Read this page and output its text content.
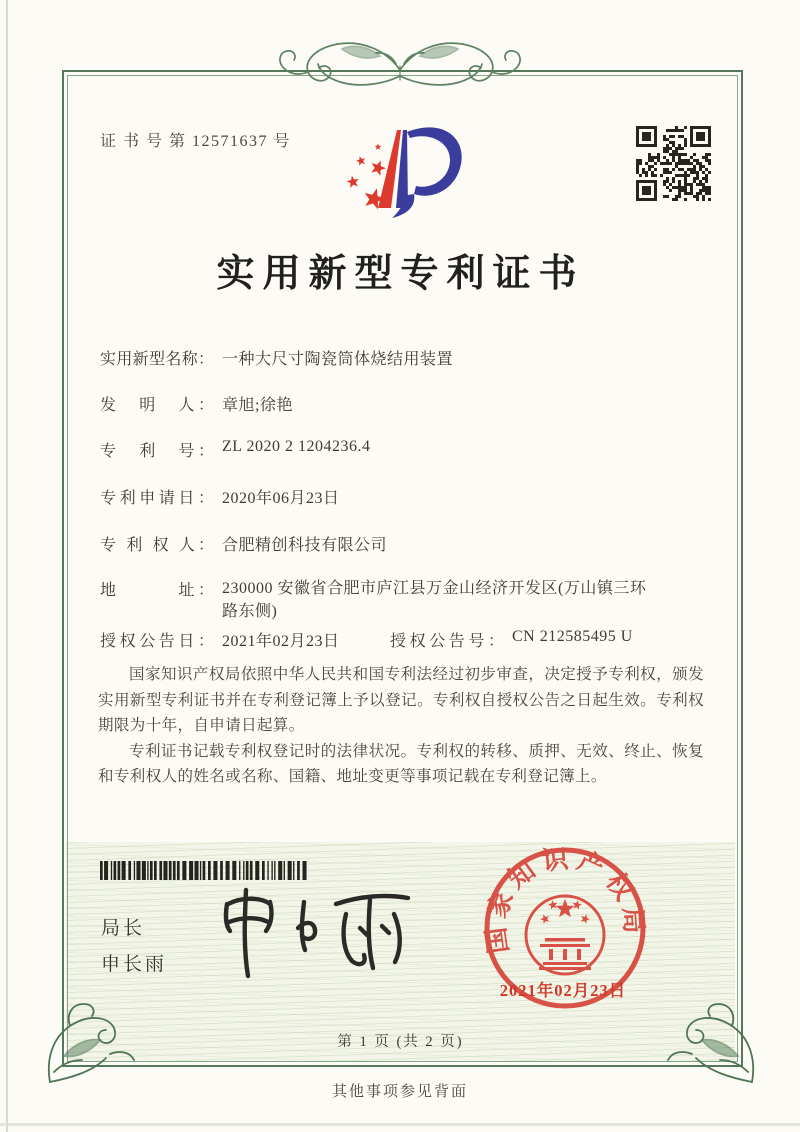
证 书 号 第 12571637 号
实用新型专利证书
实用新型名称： 一种大尺寸陶瓷筒体烧结用装置
发　明　人： 章旭;徐艳
专　利　号： ZL 2020 2 1204236.4
专利申请日： 2020年06月23日
专 利 权 人： 合肥精创科技有限公司
地　　　址： 230000 安徽省合肥市庐江县万金山经济开发区(万山镇三环路东侧)
授权公告日： 2021年02月23日	授权公告号： CN 212585495 U

国家知识产权局依照中华人民共和国专利法经过初步审查，决定授予专利权，颁发实用新型专利证书并在专利登记簿上予以登记。专利权自授权公告之日起生效。专利权期限为十年，自申请日起算。

专利证书记载专利权登记时的法律状况。专利权的转移、质押、无效、终止、恢复和专利权人的姓名或名称、国籍、地址变更等事项记载在专利登记簿上。

局长
申长雨
国家知识产权局
2021年02月23日
第 1 页 (共 2 页)
其他事项参见背面
